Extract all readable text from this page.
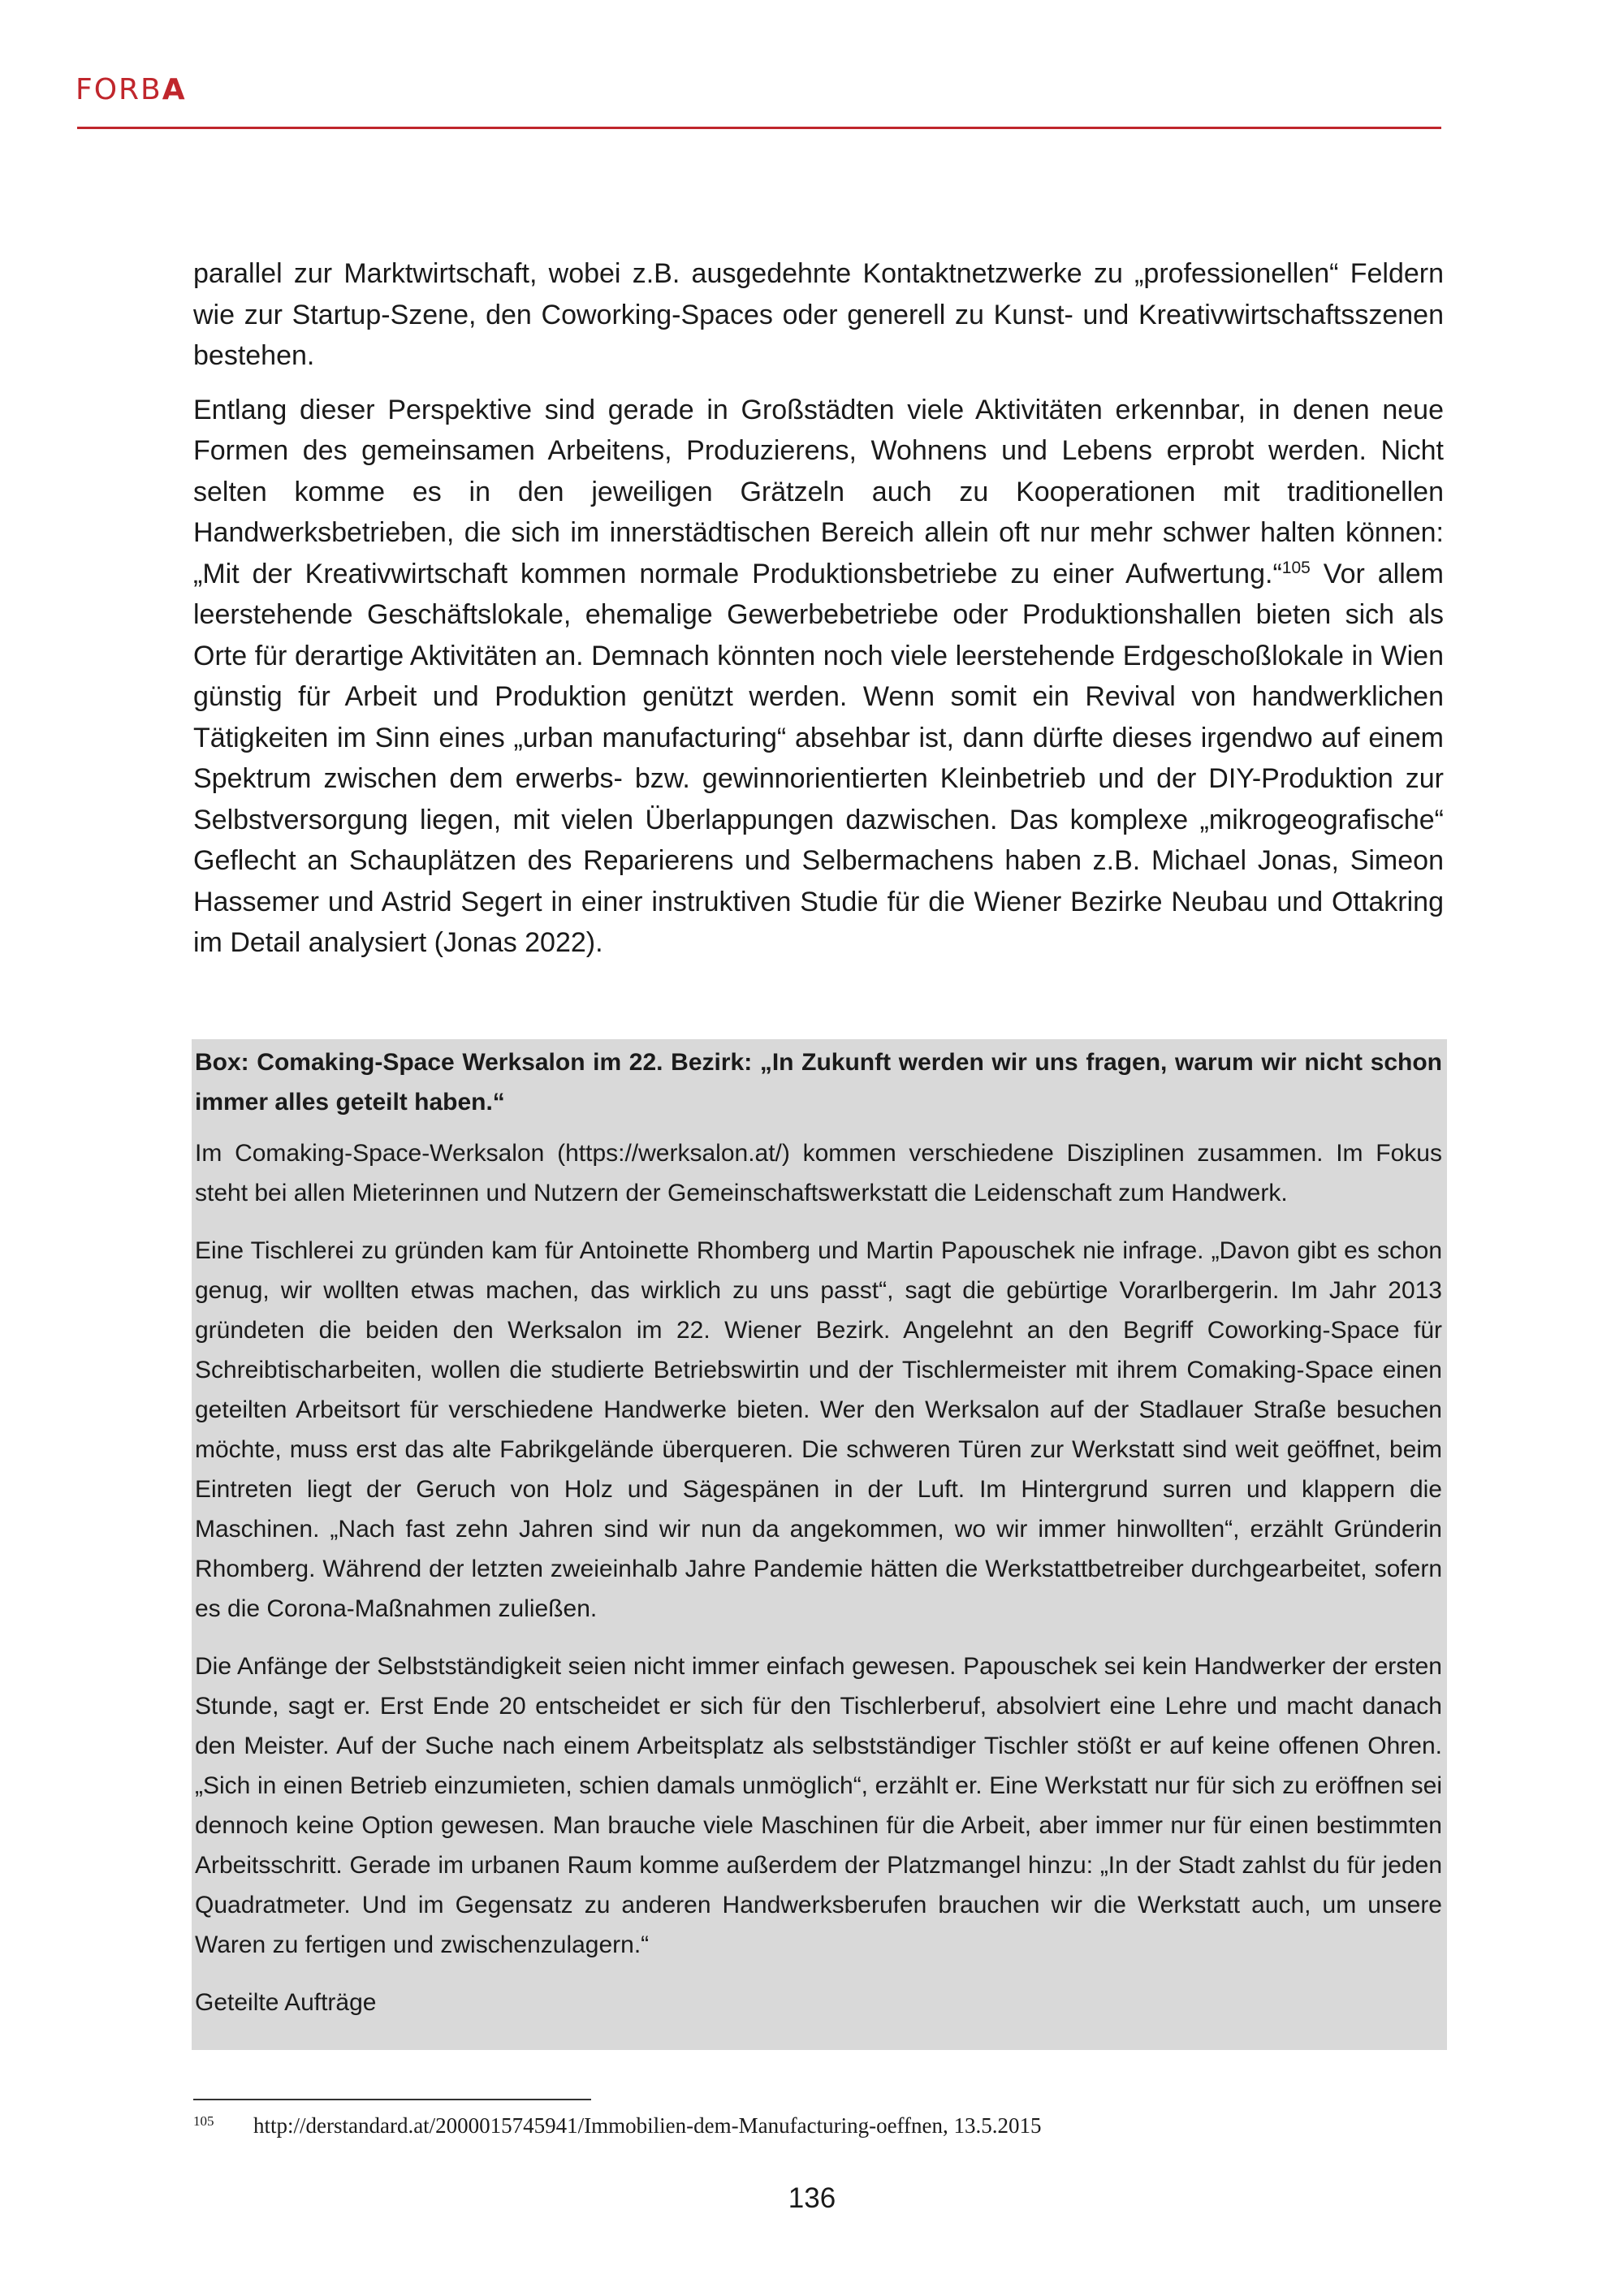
FORBA

parallel zur Marktwirtschaft, wobei z.B. ausgedehnte Kontaktnetzwerke zu „professionellen“ Feldern wie zur Startup-Szene, den Coworking-Spaces oder generell zu Kunst- und Kreativwirtschaftsszenen bestehen.

Entlang dieser Perspektive sind gerade in Großstädten viele Aktivitäten erkennbar, in denen neue Formen des gemeinsamen Arbeitens, Produzierens, Wohnens und Lebens erprobt werden. Nicht selten komme es in den jeweiligen Grätzeln auch zu Kooperationen mit traditionellen Handwerksbetrieben, die sich im innerstädtischen Bereich allein oft nur mehr schwer halten können: „Mit der Kreativwirtschaft kommen normale Produktionsbetriebe zu einer Aufwertung.“$^{105}$ Vor allem leerstehende Geschäftslokale, ehemalige Gewerbebetriebe oder Produktionshallen bieten sich als Orte für derartige Aktivitäten an. Demnach könnten noch viele leerstehende Erdgeschoßlokale in Wien günstig für Arbeit und Produktion genützt werden. Wenn somit ein Revival von handwerklichen Tätigkeiten im Sinn eines „urban manufacturing“ absehbar ist, dann dürfte dieses irgendwo auf einem Spektrum zwischen dem erwerbs- bzw. gewinnorientierten Kleinbetrieb und der DIY-Produktion zur Selbstversorgung liegen, mit vielen Überlappungen dazwischen. Das komplexe „mikrogeografische“ Geflecht an Schauplätzen des Reparierens und Selbermachens haben z.B. Michael Jonas, Simeon Hassemer und Astrid Segert in einer instruktiven Studie für die Wiener Bezirke Neubau und Ottakring im Detail analysiert (Jonas 2022).

Box: Comaking-Space Werksalon im 22. Bezirk: „In Zukunft werden wir uns fragen, warum wir nicht schon immer alles geteilt haben.“

Im Comaking-Space-Werksalon (https://werksalon.at/) kommen verschiedene Disziplinen zusammen. Im Fokus steht bei allen Mieterinnen und Nutzern der Gemeinschaftswerkstatt die Leidenschaft zum Handwerk.

Eine Tischlerei zu gründen kam für Antoinette Rhomberg und Martin Papouschek nie infrage. „Davon gibt es schon genug, wir wollten etwas machen, das wirklich zu uns passt“, sagt die gebürtige Vorarlbergerin. Im Jahr 2013 gründeten die beiden den Werksalon im 22. Wiener Bezirk. Angelehnt an den Begriff Coworking-Space für Schreibtischarbeiten, wollen die studierte Betriebswirtin und der Tischlermeister mit ihrem Comaking-Space einen geteilten Arbeitsort für verschiedene Handwerke bieten. Wer den Werksalon auf der Stadlauer Straße besuchen möchte, muss erst das alte Fabrikgelände überqueren. Die schweren Türen zur Werkstatt sind weit geöffnet, beim Eintreten liegt der Geruch von Holz und Sägespänen in der Luft. Im Hintergrund surren und klappern die Maschinen. „Nach fast zehn Jahren sind wir nun da angekommen, wo wir immer hinwollten“, erzählt Gründerin Rhomberg. Während der letzten zweieinhalb Jahre Pandemie hätten die Werkstattbetreiber durchgearbeitet, sofern es die Corona-Maßnahmen zuließen.

Die Anfänge der Selbstständigkeit seien nicht immer einfach gewesen. Papouschek sei kein Handwerker der ersten Stunde, sagt er. Erst Ende 20 entscheidet er sich für den Tischlerberuf, absolviert eine Lehre und macht danach den Meister. Auf der Suche nach einem Arbeitsplatz als selbstständiger Tischler stößt er auf keine offenen Ohren. „Sich in einen Betrieb einzumieten, schien damals unmöglich“, erzählt er. Eine Werkstatt nur für sich zu eröffnen sei dennoch keine Option gewesen. Man brauche viele Maschinen für die Arbeit, aber immer nur für einen bestimmten Arbeitsschritt. Gerade im urbanen Raum komme außerdem der Platzmangel hinzu: „In der Stadt zahlst du für jeden Quadratmeter. Und im Gegensatz zu anderen Handwerksberufen brauchen wir die Werkstatt auch, um unsere Waren zu fertigen und zwischenzulagern.“

Geteilte Aufträge

105 http://derstandard.at/2000015745941/Immobilien-dem-Manufacturing-oeffnen, 13.5.2015
136
